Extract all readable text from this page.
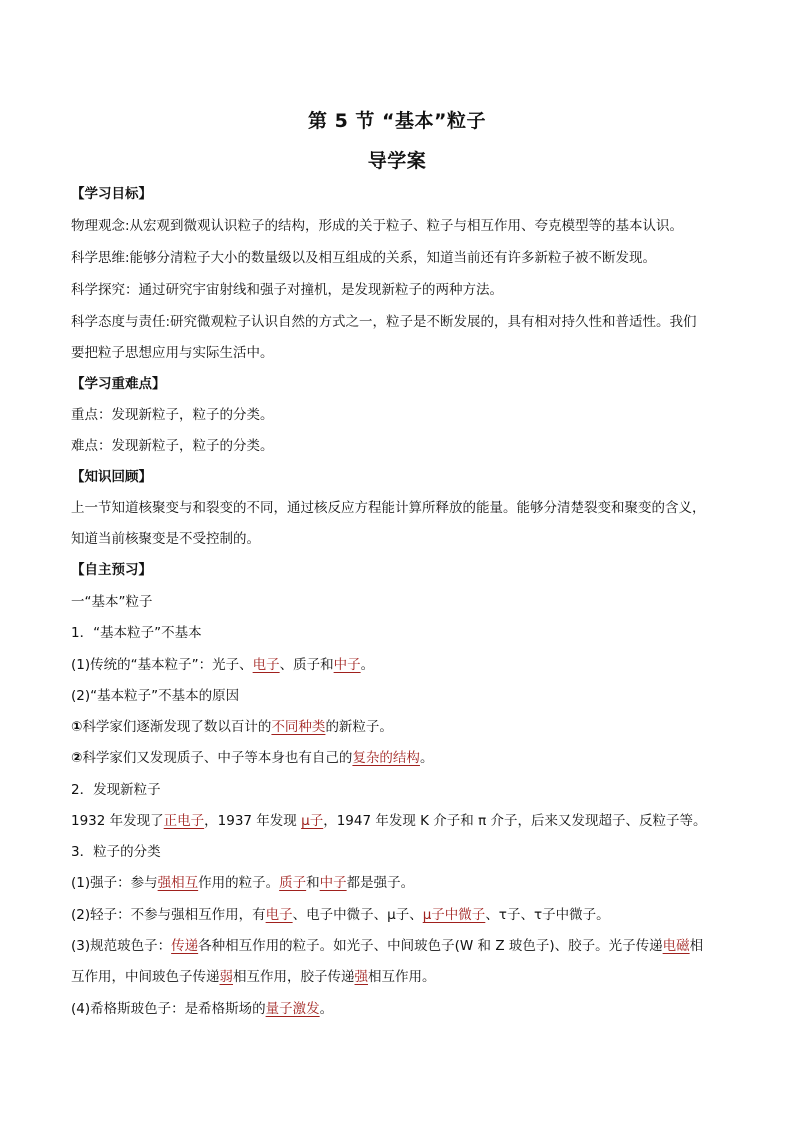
第 5 节 “基本”粒子
导学案
【学习目标】
物理观念:从宏观到微观认识粒子的结构，形成的关于粒子、粒子与相互作用、夸克模型等的基本认识。
科学思维:能够分清粒子大小的数量级以及相互组成的关系，知道当前还有许多新粒子被不断发现。
科学探究：通过研究宇宙射线和强子对撞机，是发现新粒子的两种方法。
科学态度与责任:研究微观粒子认识自然的方式之一，粒子是不断发展的，具有相对持久性和普适性。我们
要把粒子思想应用与实际生活中。
【学习重难点】
重点：发现新粒子，粒子的分类。
难点：发现新粒子，粒子的分类。
【知识回顾】
上一节知道核聚变与和裂变的不同，通过核反应方程能计算所释放的能量。能够分清楚裂变和聚变的含义，
知道当前核聚变是不受控制的。
【自主预习】
一“基本”粒子
1．“基本粒子”不基本
(1)传统的“基本粒子”：光子、电子、质子和中子。
(2)“基本粒子”不基本的原因
①科学家们逐渐发现了数以百计的不同种类的新粒子。
②科学家们又发现质子、中子等本身也有自己的复杂的结构。
2．发现新粒子
1932 年发现了正电子，1937 年发现 μ子，1947 年发现 K 介子和 π 介子，后来又发现超子、反粒子等。
3．粒子的分类
(1)强子：参与强相互作用的粒子。质子和中子都是强子。
(2)轻子：不参与强相互作用，有电子、电子中微子、μ子、μ子中微子、τ子、τ子中微子。
(3)规范玻色子：传递各种相互作用的粒子。如光子、中间玻色子(W 和 Z 玻色子)、胶子。光子传递电磁相
互作用，中间玻色子传递弱相互作用，胶子传递强相互作用。
(4)希格斯玻色子：是希格斯场的量子激发。
